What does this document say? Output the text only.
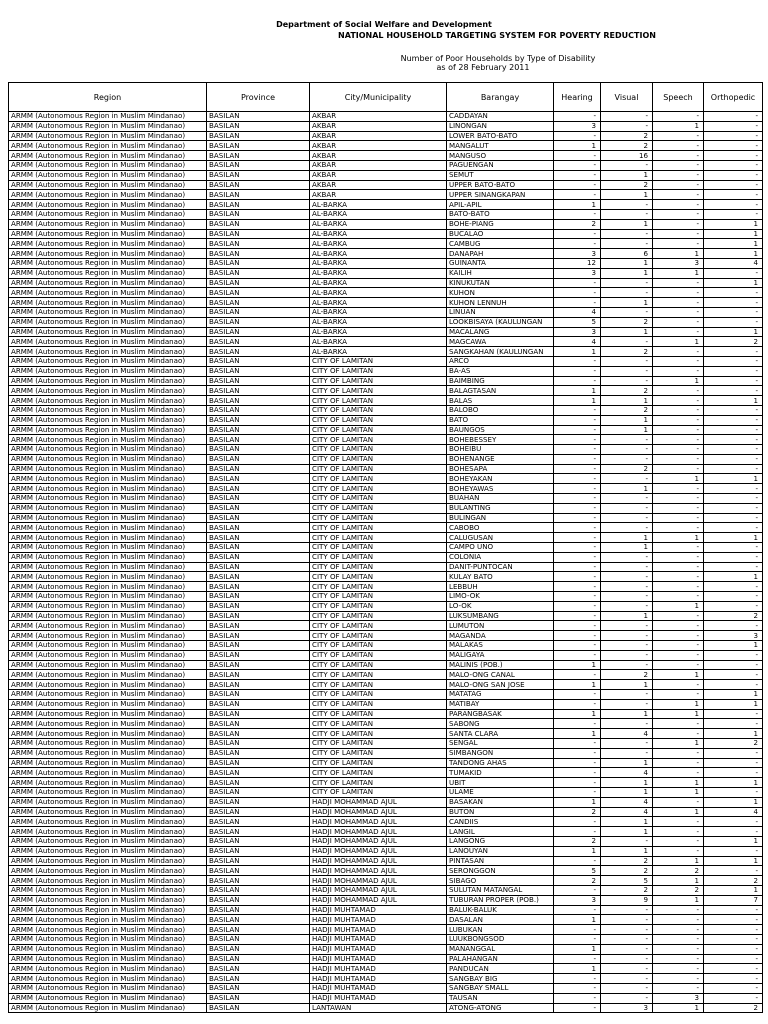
Department of Social Welfare and Development
NATIONAL HOUSEHOLD TARGETING SYSTEM FOR POVERTY REDUCTION
Number of Poor Households by Type of Disability
as of 28 February 2011
Region	Province	City/Municipality	Barangay	Hearing	Visual	Speech	Orthopedic
ARMM (Autonomous Region in Muslim Mindanao)	BASILAN	AKBAR	CADDAYAN	-	-	-	-
ARMM (Autonomous Region in Muslim Mindanao)	BASILAN	AKBAR	LINONGAN	3	-	1	-
ARMM (Autonomous Region in Muslim Mindanao)	BASILAN	AKBAR	LOWER BATO-BATO	-	2	-	-
ARMM (Autonomous Region in Muslim Mindanao)	BASILAN	AKBAR	MANGALUT	1	2	-	-
ARMM (Autonomous Region in Muslim Mindanao)	BASILAN	AKBAR	MANGUSO	-	16	-	-
ARMM (Autonomous Region in Muslim Mindanao)	BASILAN	AKBAR	PAGUENGAN	-	-	-	-
ARMM (Autonomous Region in Muslim Mindanao)	BASILAN	AKBAR	SEMUT	-	1	-	-
ARMM (Autonomous Region in Muslim Mindanao)	BASILAN	AKBAR	UPPER BATO-BATO	-	2	-	-
ARMM (Autonomous Region in Muslim Mindanao)	BASILAN	AKBAR	UPPER SINANGKAPAN	-	1	-	-
ARMM (Autonomous Region in Muslim Mindanao)	BASILAN	AL-BARKA	APIL-APIL	1	-	-	-
ARMM (Autonomous Region in Muslim Mindanao)	BASILAN	AL-BARKA	BATO-BATO	-	-	-	-
ARMM (Autonomous Region in Muslim Mindanao)	BASILAN	AL-BARKA	BOHE-PIANG	2	1	-	1
ARMM (Autonomous Region in Muslim Mindanao)	BASILAN	AL-BARKA	BUCALAO	-	-	-	1
ARMM (Autonomous Region in Muslim Mindanao)	BASILAN	AL-BARKA	CAMBUG	-	-	-	1
ARMM (Autonomous Region in Muslim Mindanao)	BASILAN	AL-BARKA	DANAPAH	3	6	1	1
ARMM (Autonomous Region in Muslim Mindanao)	BASILAN	AL-BARKA	GUINANTA	12	1	3	4
ARMM (Autonomous Region in Muslim Mindanao)	BASILAN	AL-BARKA	KAILIH	3	1	1	-
ARMM (Autonomous Region in Muslim Mindanao)	BASILAN	AL-BARKA	KINUKUTAN	-	-	-	1
ARMM (Autonomous Region in Muslim Mindanao)	BASILAN	AL-BARKA	KUHON	-	-	-	-
ARMM (Autonomous Region in Muslim Mindanao)	BASILAN	AL-BARKA	KUHON LENNUH	-	1	-	-
ARMM (Autonomous Region in Muslim Mindanao)	BASILAN	AL-BARKA	LINUAN	4	-	-	-
ARMM (Autonomous Region in Muslim Mindanao)	BASILAN	AL-BARKA	LOOKBISAYA (KAULUNGAN	5	2	-	-
ARMM (Autonomous Region in Muslim Mindanao)	BASILAN	AL-BARKA	MACALANG	3	1	-	1
ARMM (Autonomous Region in Muslim Mindanao)	BASILAN	AL-BARKA	MAGCAWA	4	-	1	2
ARMM (Autonomous Region in Muslim Mindanao)	BASILAN	AL-BARKA	SANGKAHAN (KAULUNGAN	1	2	-	-
ARMM (Autonomous Region in Muslim Mindanao)	BASILAN	CITY OF LAMITAN	ARCO	-	-	-	-
ARMM (Autonomous Region in Muslim Mindanao)	BASILAN	CITY OF LAMITAN	BA-AS	-	-	-	-
ARMM (Autonomous Region in Muslim Mindanao)	BASILAN	CITY OF LAMITAN	BAIMBING	-	-	1	-
ARMM (Autonomous Region in Muslim Mindanao)	BASILAN	CITY OF LAMITAN	BALAGTASAN	1	2	-	-
ARMM (Autonomous Region in Muslim Mindanao)	BASILAN	CITY OF LAMITAN	BALAS	1	1	-	1
ARMM (Autonomous Region in Muslim Mindanao)	BASILAN	CITY OF LAMITAN	BALOBO	-	2	-	-
ARMM (Autonomous Region in Muslim Mindanao)	BASILAN	CITY OF LAMITAN	BATO	-	1	-	-
ARMM (Autonomous Region in Muslim Mindanao)	BASILAN	CITY OF LAMITAN	BAUNGOS	-	1	-	-
ARMM (Autonomous Region in Muslim Mindanao)	BASILAN	CITY OF LAMITAN	BOHEBESSEY	-	-	-	-
ARMM (Autonomous Region in Muslim Mindanao)	BASILAN	CITY OF LAMITAN	BOHEIBU	-	-	-	-
ARMM (Autonomous Region in Muslim Mindanao)	BASILAN	CITY OF LAMITAN	BOHENANGE	-	-	-	-
ARMM (Autonomous Region in Muslim Mindanao)	BASILAN	CITY OF LAMITAN	BOHESAPA	-	2	-	-
ARMM (Autonomous Region in Muslim Mindanao)	BASILAN	CITY OF LAMITAN	BOHEYAKAN	-	-	1	1
ARMM (Autonomous Region in Muslim Mindanao)	BASILAN	CITY OF LAMITAN	BOHEYAWAS	-	1	-	-
ARMM (Autonomous Region in Muslim Mindanao)	BASILAN	CITY OF LAMITAN	BUAHAN	-	-	-	-
ARMM (Autonomous Region in Muslim Mindanao)	BASILAN	CITY OF LAMITAN	BULANTING	-	-	-	-
ARMM (Autonomous Region in Muslim Mindanao)	BASILAN	CITY OF LAMITAN	BULINGAN	-	-	-	-
ARMM (Autonomous Region in Muslim Mindanao)	BASILAN	CITY OF LAMITAN	CABOBO	-	-	-	-
ARMM (Autonomous Region in Muslim Mindanao)	BASILAN	CITY OF LAMITAN	CALUGUSAN	-	1	1	1
ARMM (Autonomous Region in Muslim Mindanao)	BASILAN	CITY OF LAMITAN	CAMPO UNO	-	1	-	-
ARMM (Autonomous Region in Muslim Mindanao)	BASILAN	CITY OF LAMITAN	COLONIA	-	-	-	-
ARMM (Autonomous Region in Muslim Mindanao)	BASILAN	CITY OF LAMITAN	DANIT-PUNTOCAN	-	-	-	-
ARMM (Autonomous Region in Muslim Mindanao)	BASILAN	CITY OF LAMITAN	KULAY BATO	-	-	-	1
ARMM (Autonomous Region in Muslim Mindanao)	BASILAN	CITY OF LAMITAN	LEBBUH	-	-	-	-
ARMM (Autonomous Region in Muslim Mindanao)	BASILAN	CITY OF LAMITAN	LIMO-OK	-	-	-	-
ARMM (Autonomous Region in Muslim Mindanao)	BASILAN	CITY OF LAMITAN	LO-OK	-	-	1	-
ARMM (Autonomous Region in Muslim Mindanao)	BASILAN	CITY OF LAMITAN	LUKSUMBANG	-	1	-	2
ARMM (Autonomous Region in Muslim Mindanao)	BASILAN	CITY OF LAMITAN	LUMUTON	-	-	-	-
ARMM (Autonomous Region in Muslim Mindanao)	BASILAN	CITY OF LAMITAN	MAGANDA	-	-	-	3
ARMM (Autonomous Region in Muslim Mindanao)	BASILAN	CITY OF LAMITAN	MALAKAS	-	-	-	1
ARMM (Autonomous Region in Muslim Mindanao)	BASILAN	CITY OF LAMITAN	MALIGAYA	-	-	-	-
ARMM (Autonomous Region in Muslim Mindanao)	BASILAN	CITY OF LAMITAN	MALINIS (POB.)	1	-	-	-
ARMM (Autonomous Region in Muslim Mindanao)	BASILAN	CITY OF LAMITAN	MALO-ONG CANAL	-	2	1	-
ARMM (Autonomous Region in Muslim Mindanao)	BASILAN	CITY OF LAMITAN	MALO-ONG SAN JOSE	1	1	-	-
ARMM (Autonomous Region in Muslim Mindanao)	BASILAN	CITY OF LAMITAN	MATATAG	-	-	-	1
ARMM (Autonomous Region in Muslim Mindanao)	BASILAN	CITY OF LAMITAN	MATIBAY	-	-	1	1
ARMM (Autonomous Region in Muslim Mindanao)	BASILAN	CITY OF LAMITAN	PARANGBASAK	1	1	1	-
ARMM (Autonomous Region in Muslim Mindanao)	BASILAN	CITY OF LAMITAN	SABONG	-	-	-	-
ARMM (Autonomous Region in Muslim Mindanao)	BASILAN	CITY OF LAMITAN	SANTA CLARA	1	4	-	1
ARMM (Autonomous Region in Muslim Mindanao)	BASILAN	CITY OF LAMITAN	SENGAL	-	-	1	2
ARMM (Autonomous Region in Muslim Mindanao)	BASILAN	CITY OF LAMITAN	SIMBANGON	-	-	-	-
ARMM (Autonomous Region in Muslim Mindanao)	BASILAN	CITY OF LAMITAN	TANDONG AHAS	-	1	-	-
ARMM (Autonomous Region in Muslim Mindanao)	BASILAN	CITY OF LAMITAN	TUMAKID	-	4	-	-
ARMM (Autonomous Region in Muslim Mindanao)	BASILAN	CITY OF LAMITAN	UBIT	-	1	1	1
ARMM (Autonomous Region in Muslim Mindanao)	BASILAN	CITY OF LAMITAN	ULAME	-	1	1	-
ARMM (Autonomous Region in Muslim Mindanao)	BASILAN	HADJI MOHAMMAD AJUL	BASAKAN	1	4	-	1
ARMM (Autonomous Region in Muslim Mindanao)	BASILAN	HADJI MOHAMMAD AJUL	BUTON	2	4	1	4
ARMM (Autonomous Region in Muslim Mindanao)	BASILAN	HADJI MOHAMMAD AJUL	CANDIIS	-	1	-	-
ARMM (Autonomous Region in Muslim Mindanao)	BASILAN	HADJI MOHAMMAD AJUL	LANGIL	-	1	-	-
ARMM (Autonomous Region in Muslim Mindanao)	BASILAN	HADJI MOHAMMAD AJUL	LANGONG	2	-	-	1
ARMM (Autonomous Region in Muslim Mindanao)	BASILAN	HADJI MOHAMMAD AJUL	LANOUYAN	1	1	-	-
ARMM (Autonomous Region in Muslim Mindanao)	BASILAN	HADJI MOHAMMAD AJUL	PINTASAN	-	2	1	1
ARMM (Autonomous Region in Muslim Mindanao)	BASILAN	HADJI MOHAMMAD AJUL	SERONGGON	5	2	2	-
ARMM (Autonomous Region in Muslim Mindanao)	BASILAN	HADJI MOHAMMAD AJUL	SIBAGO	2	5	1	2
ARMM (Autonomous Region in Muslim Mindanao)	BASILAN	HADJI MOHAMMAD AJUL	SULUTAN MATANGAL	-	2	2	1
ARMM (Autonomous Region in Muslim Mindanao)	BASILAN	HADJI MOHAMMAD AJUL	TUBURAN PROPER (POB.)	3	9	1	7
ARMM (Autonomous Region in Muslim Mindanao)	BASILAN	HADJI MUHTAMAD	BALUK-BALUK	-	-	-	-
ARMM (Autonomous Region in Muslim Mindanao)	BASILAN	HADJI MUHTAMAD	DASALAN	1	-	-	-
ARMM (Autonomous Region in Muslim Mindanao)	BASILAN	HADJI MUHTAMAD	LUBUKAN	-	-	-	-
ARMM (Autonomous Region in Muslim Mindanao)	BASILAN	HADJI MUHTAMAD	LUUKBONGSOD	-	-	-	-
ARMM (Autonomous Region in Muslim Mindanao)	BASILAN	HADJI MUHTAMAD	MANANGGAL	1	-	-	-
ARMM (Autonomous Region in Muslim Mindanao)	BASILAN	HADJI MUHTAMAD	PALAHANGAN	-	-	-	-
ARMM (Autonomous Region in Muslim Mindanao)	BASILAN	HADJI MUHTAMAD	PANDUCAN	1	-	-	-
ARMM (Autonomous Region in Muslim Mindanao)	BASILAN	HADJI MUHTAMAD	SANGBAY BIG	-	-	-	-
ARMM (Autonomous Region in Muslim Mindanao)	BASILAN	HADJI MUHTAMAD	SANGBAY SMALL	-	-	-	-
ARMM (Autonomous Region in Muslim Mindanao)	BASILAN	HADJI MUHTAMAD	TAUSAN	-	-	3	-
ARMM (Autonomous Region in Muslim Mindanao)	BASILAN	LANTAWAN	ATONG-ATONG	-	3	1	2
